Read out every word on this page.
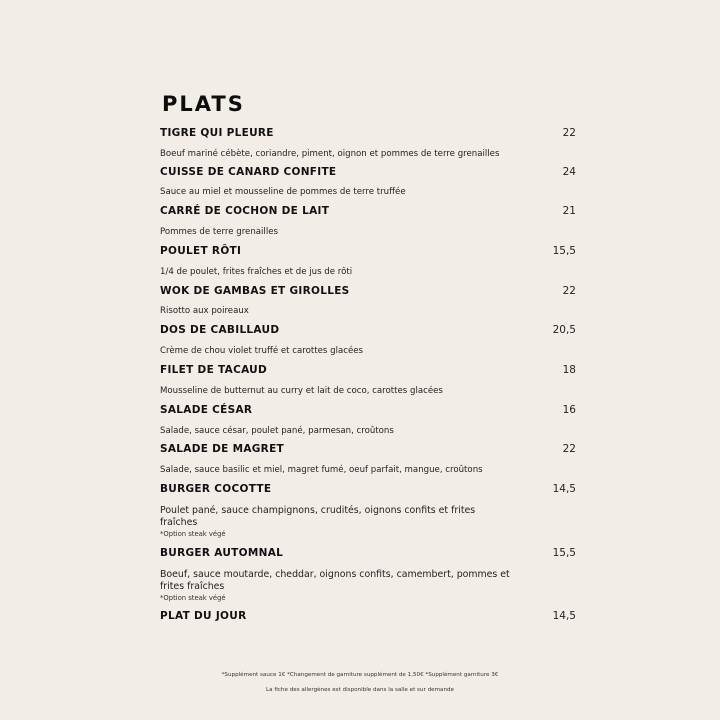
PLATS
TIGRE QUI PLEURE	22
Boeuf mariné cébète, coriandre, piment, oignon et pommes de terre grenailles
CUISSE DE CANARD CONFITE	24
Sauce au miel et mousseline de pommes de terre truffée
CARRÉ DE COCHON DE LAIT	21
Pommes de terre grenailles
POULET RÔTI	15,5
1/4 de poulet, frites fraîches et de jus de rôti
WOK DE GAMBAS ET GIROLLES	22
Risotto aux poireaux
DOS DE CABILLAUD	20,5
Crème de chou violet truffé et carottes glacées
FILET DE TACAUD	18
Mousseline de butternut au curry et lait de coco, carottes glacées
SALADE CÉSAR	16
Salade, sauce césar, poulet pané, parmesan, croûtons
SALADE DE MAGRET	22
Salade, sauce basilic et miel, magret fumé, oeuf parfait, mangue, croûtons
BURGER COCOTTE	14,5
Poulet pané, sauce champignons, crudités, oignons confits et frites fraîches
*Option steak végé
BURGER AUTOMNAL	15,5
Boeuf, sauce moutarde, cheddar, oignons confits, camembert, pommes et frites fraîches
*Option steak végé
PLAT DU JOUR	14,5
*Supplément sauce 1€ *Changement de garniture supplément de 1,50€ *Supplément garniture 3€
La fiche des allergènes est disponible dans la salle et sur demande
